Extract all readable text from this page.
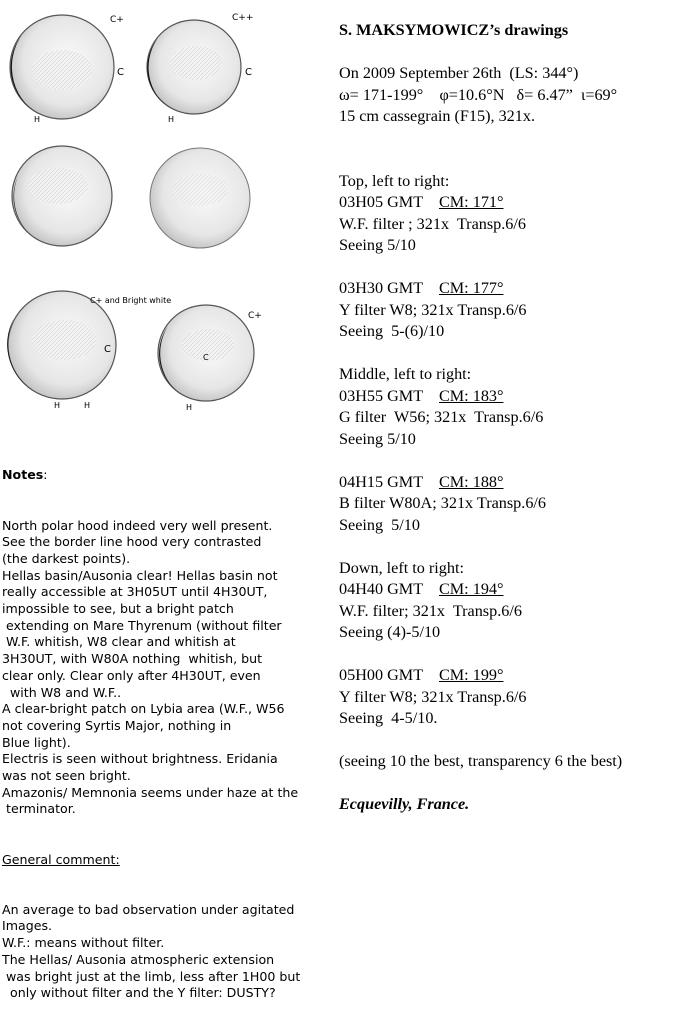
C+
C
H
C++
C
H
C+ and Bright white
C
H	H
C+
C
H

Notes:

North polar hood indeed very well present.
See the border line hood very contrasted
(the darkest points).
Hellas basin/Ausonia clear! Hellas basin not
really accessible at 3H05UT until 4H30UT,
impossible to see, but a bright patch
extending on Mare Thyrenum (without filter
W.F. whitish, W8 clear and whitish at
3H30UT, with W80A nothing  whitish, but
clear only. Clear only after 4H30UT, even
with W8 and W.F..
A clear-bright patch on Lybia area (W.F., W56
not covering Syrtis Major, nothing in
Blue light).
Electris is seen without brightness. Eridania
was not seen bright.
Amazonis/ Memnonia seems under haze at the
terminator.

General comment:

An average to bad observation under agitated
Images.
W.F.: means without filter.
The Hellas/ Ausonia atmospheric extension
was bright just at the limb, less after 1H00 but
only without filter and the Y filter: DUSTY?

S. MAKSYMOWICZ’s drawings
On 2009 September 26th  (LS: 344°)
ω= 171-199°    φ=10.6°N   δ= 6.47”  ι=69°
15 cm cassegrain (F15), 321x.
Top, left to right:
03H05 GMT CM: 171°
W.F. filter ; 321x  Transp.6/6
Seeing 5/10
03H30 GMT CM: 177°
Y filter W8; 321x Transp.6/6
Seeing  5-(6)/10
Middle, left to right:
03H55 GMT CM: 183°
G filter  W56; 321x  Transp.6/6
Seeing 5/10
04H15 GMT CM: 188°
B filter W80A; 321x Transp.6/6
Seeing  5/10
Down, left to right:
04H40 GMT CM: 194°
W.F. filter; 321x  Transp.6/6
Seeing (4)-5/10
05H00 GMT CM: 199°
Y filter W8; 321x Transp.6/6
Seeing  4-5/10.
(seeing 10 the best, transparency 6 the best)
Ecquevilly, France.
